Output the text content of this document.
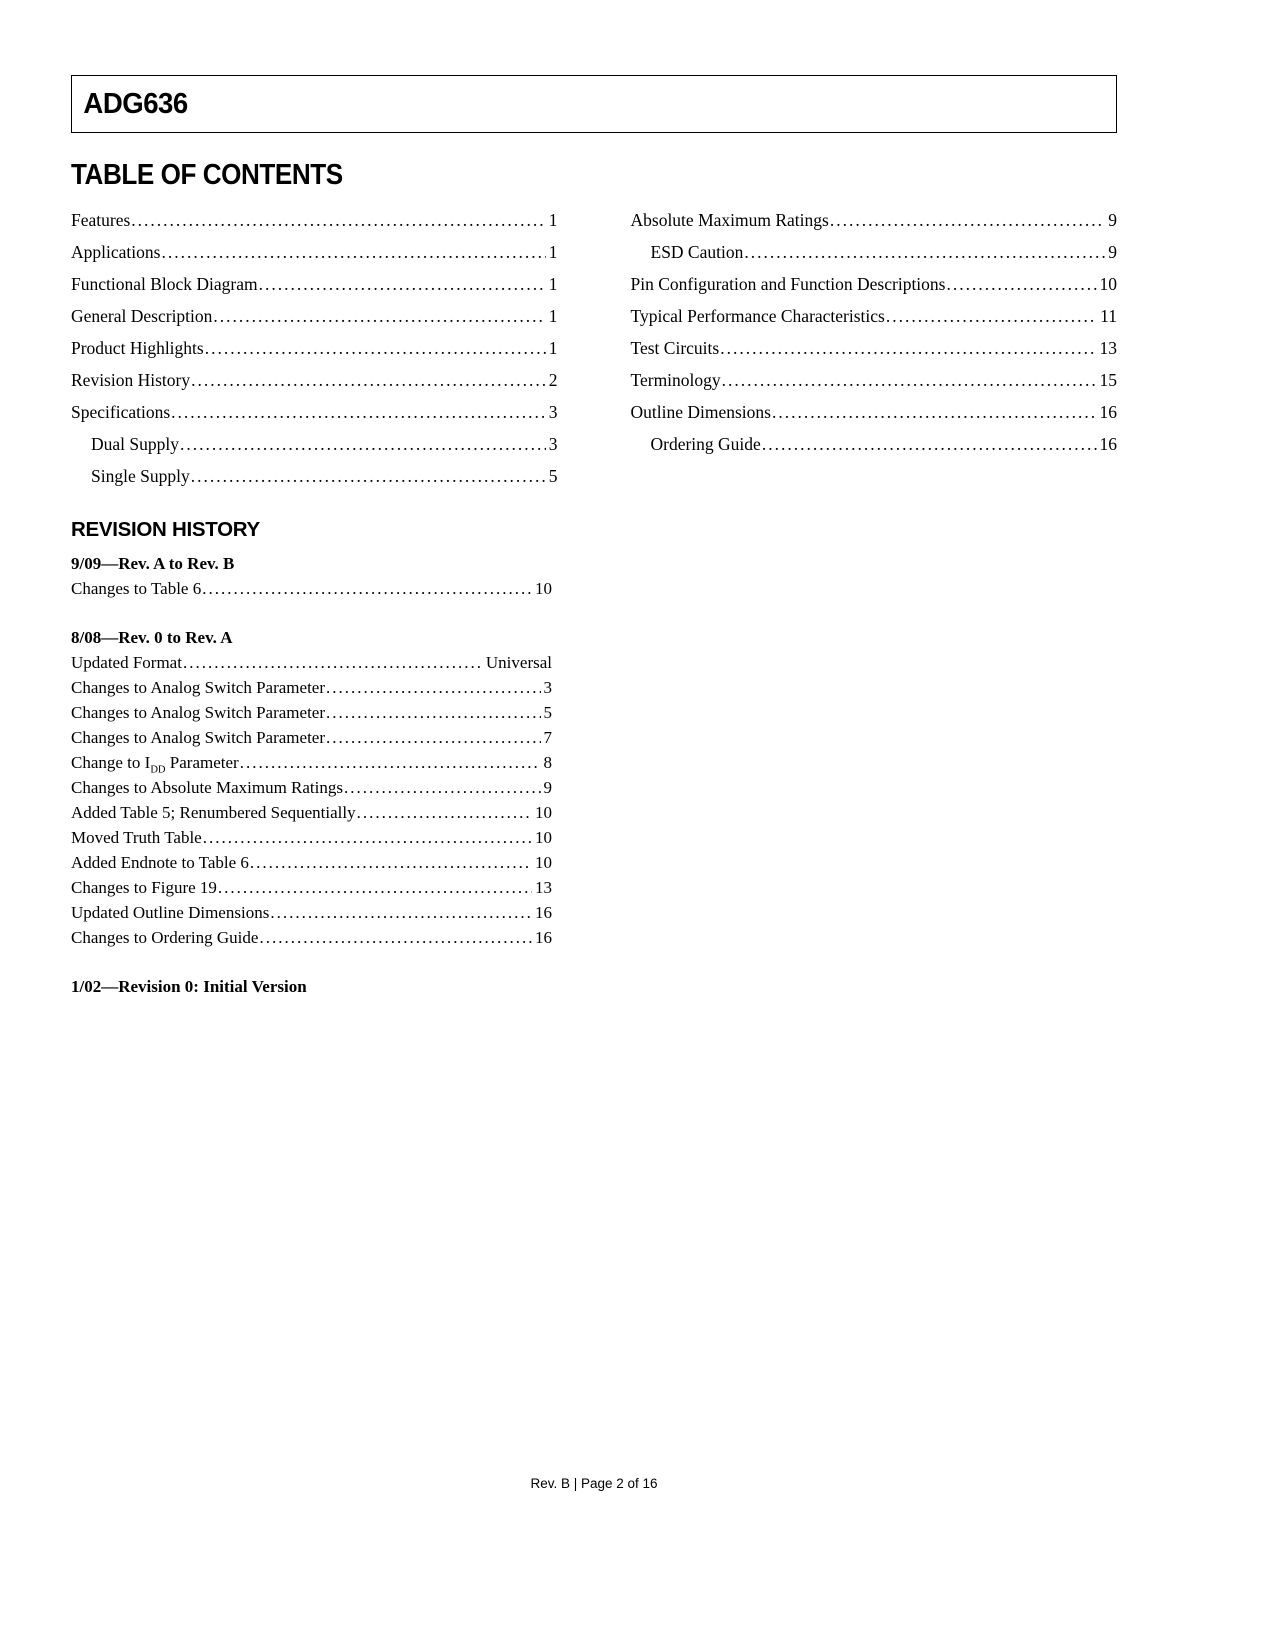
ADG636
TABLE OF CONTENTS
Features .....	1
Applications .....	1
Functional Block Diagram .....	1
General Description .....	1
Product Highlights .....	1
Revision History .....	2
Specifications .....	3
Dual Supply .....	3
Single Supply .....	5
Absolute Maximum Ratings .....	9
ESD Caution .....	9
Pin Configuration and Function Descriptions .....	10
Typical Performance Characteristics .....	11
Test Circuits .....	13
Terminology .....	15
Outline Dimensions .....	16
Ordering Guide .....	16
REVISION HISTORY
9/09—Rev. A to Rev. B
Changes to Table 6 .....	10
8/08—Rev. 0 to Rev. A
Updated Format .....	Universal
Changes to Analog Switch Parameter .....	3
Changes to Analog Switch Parameter .....	5
Changes to Analog Switch Parameter .....	7
Change to $I_{DD}$ Parameter .....	8
Changes to Absolute Maximum Ratings .....	9
Added Table 5; Renumbered Sequentially .....	10
Moved Truth Table .....	10
Added Endnote to Table 6 .....	10
Changes to Figure 19 .....	13
Updated Outline Dimensions .....	16
Changes to Ordering Guide .....	16
1/02—Revision 0: Initial Version
Rev. B | Page 2 of 16
